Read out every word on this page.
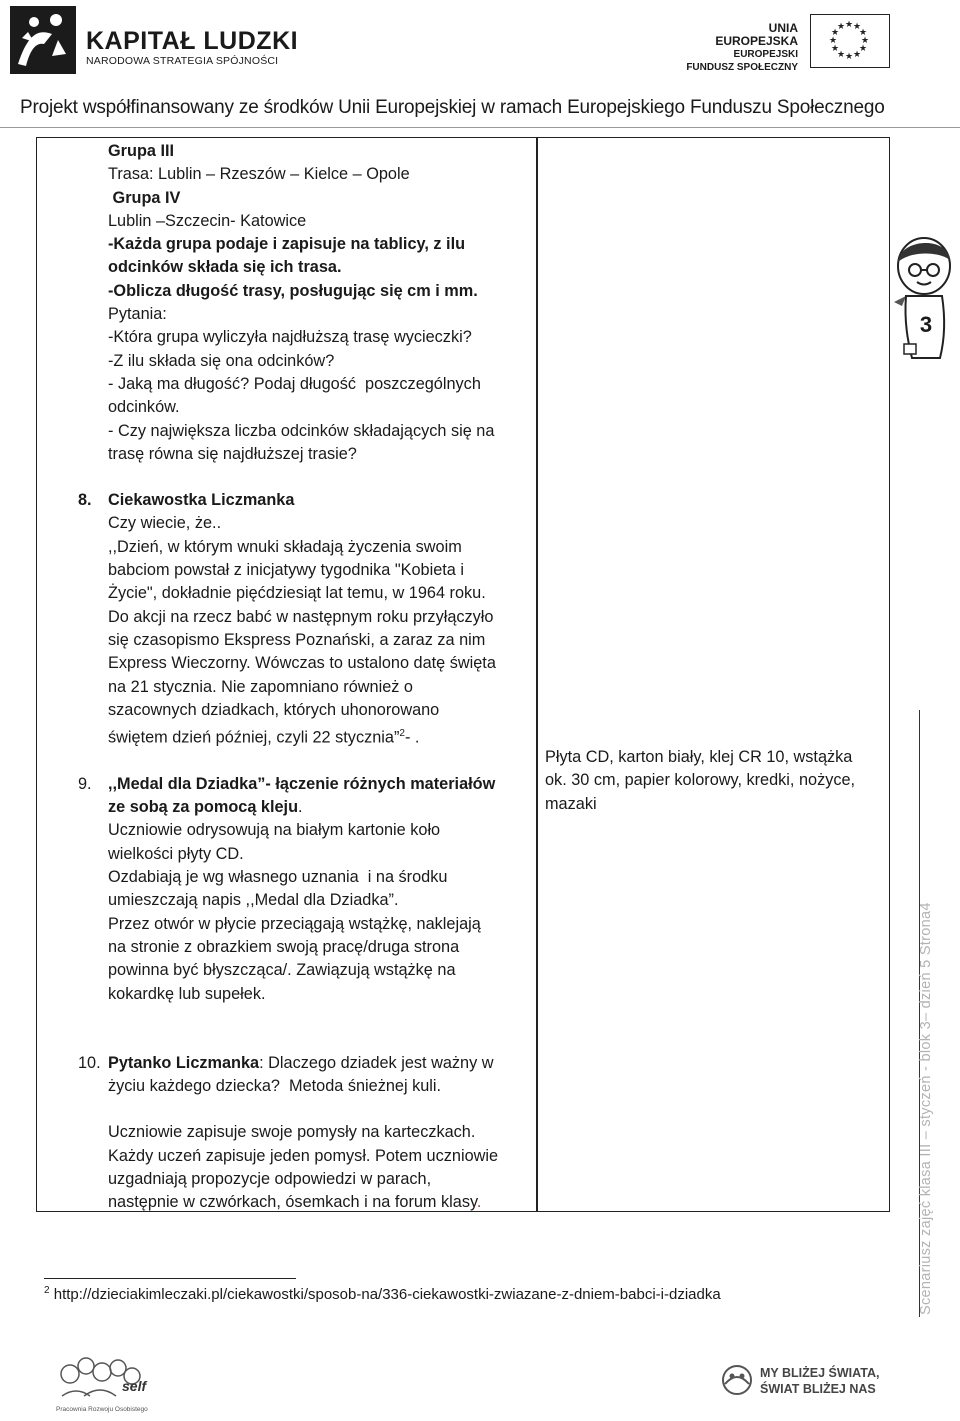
KAPITAŁ LUDZKI
NARODOWA STRATEGIA SPÓJNOŚCI
UNIA EUROPEJSKA
EUROPEJSKI
FUNDUSZ SPOŁECZNY
★ ★
★
★
★
★
★
★
★
★
★
★
Projekt współfinansowany ze środków Unii Europejskiej w ramach Europejskiego Funduszu Społecznego

Grupa III

Trasa: Lublin – Rzeszów – Kielce – Opole

Grupa IV

Lublin –Szczecin- Katowice

-Każda grupa podaje i zapisuje na tablicy, z ilu

odcinków składa się ich trasa.

-Oblicza długość trasy, posługując się cm i mm.

Pytania:

-Która grupa wyliczyła najdłuższą trasę wycieczki?

-Z ilu składa się ona odcinków?

- Jaką ma długość? Podaj długość  poszczególnych

odcinków.

- Czy największa liczba odcinków składających się na

trasę równa się najdłuższej trasie?

8. Ciekawostka Liczmanka

Czy wiecie, że..

,,Dzień, w którym wnuki składają życzenia swoim

babciom powstał z inicjatywy tygodnika "Kobieta i

Życie", dokładnie pięćdziesiąt lat temu, w 1964 roku.

Do akcji na rzecz babć w następnym roku przyłączyło

się czasopismo Ekspress Poznański, a zaraz za nim

Express Wieczorny. Wówczas to ustalono datę święta

na 21 stycznia. Nie zapomniano również o

szacownych dziadkach, których uhonorowano

świętem dzień później, czyli 22 stycznia”$^2$- .

9. ,,Medal dla Dziadka”- łączenie różnych materiałów

ze sobą za pomocą kleju.

Uczniowie odrysowują na białym kartonie koło

wielkości płyty CD.

Ozdabiają je wg własnego uznania  i na środku

umieszczają napis ,,Medal dla Dziadka”.

Przez otwór w płycie przeciągają wstążkę, naklejają

na stronie z obrazkiem swoją pracę/druga strona

powinna być błyszcząca/. Zawiązują wstążkę na

kokardkę lub supełek.

10. Pytanko Liczmanka: Dlaczego dziadek jest ważny w

życiu każdego dziecka?  Metoda śnieżnej kuli.

Uczniowie zapisuje swoje pomysły na karteczkach.

Każdy uczeń zapisuje jeden pomysł. Potem uczniowie

uzgadniają propozycje odpowiedzi w parach,

następnie w czwórkach, ósemkach i na forum klasy.

Płyta CD, karton biały, klej CR 10, wstążka

ok. 30 cm, papier kolorowy, kredki, nożyce,

mazaki

3
$^2$ http://dzieciakimleczaki.pl/ciekawostki/sposob-na/336-ciekawostki-zwiazane-z-dniem-babci-i-dziadka	Scenariusz zajęć klasa III – styczeń - blok 3– dzień 5 Strona4
self
Pracownia Rozwoju Osobistego
MY BLIŻEJ ŚWIATA,
ŚWIAT BLIŻEJ NAS
